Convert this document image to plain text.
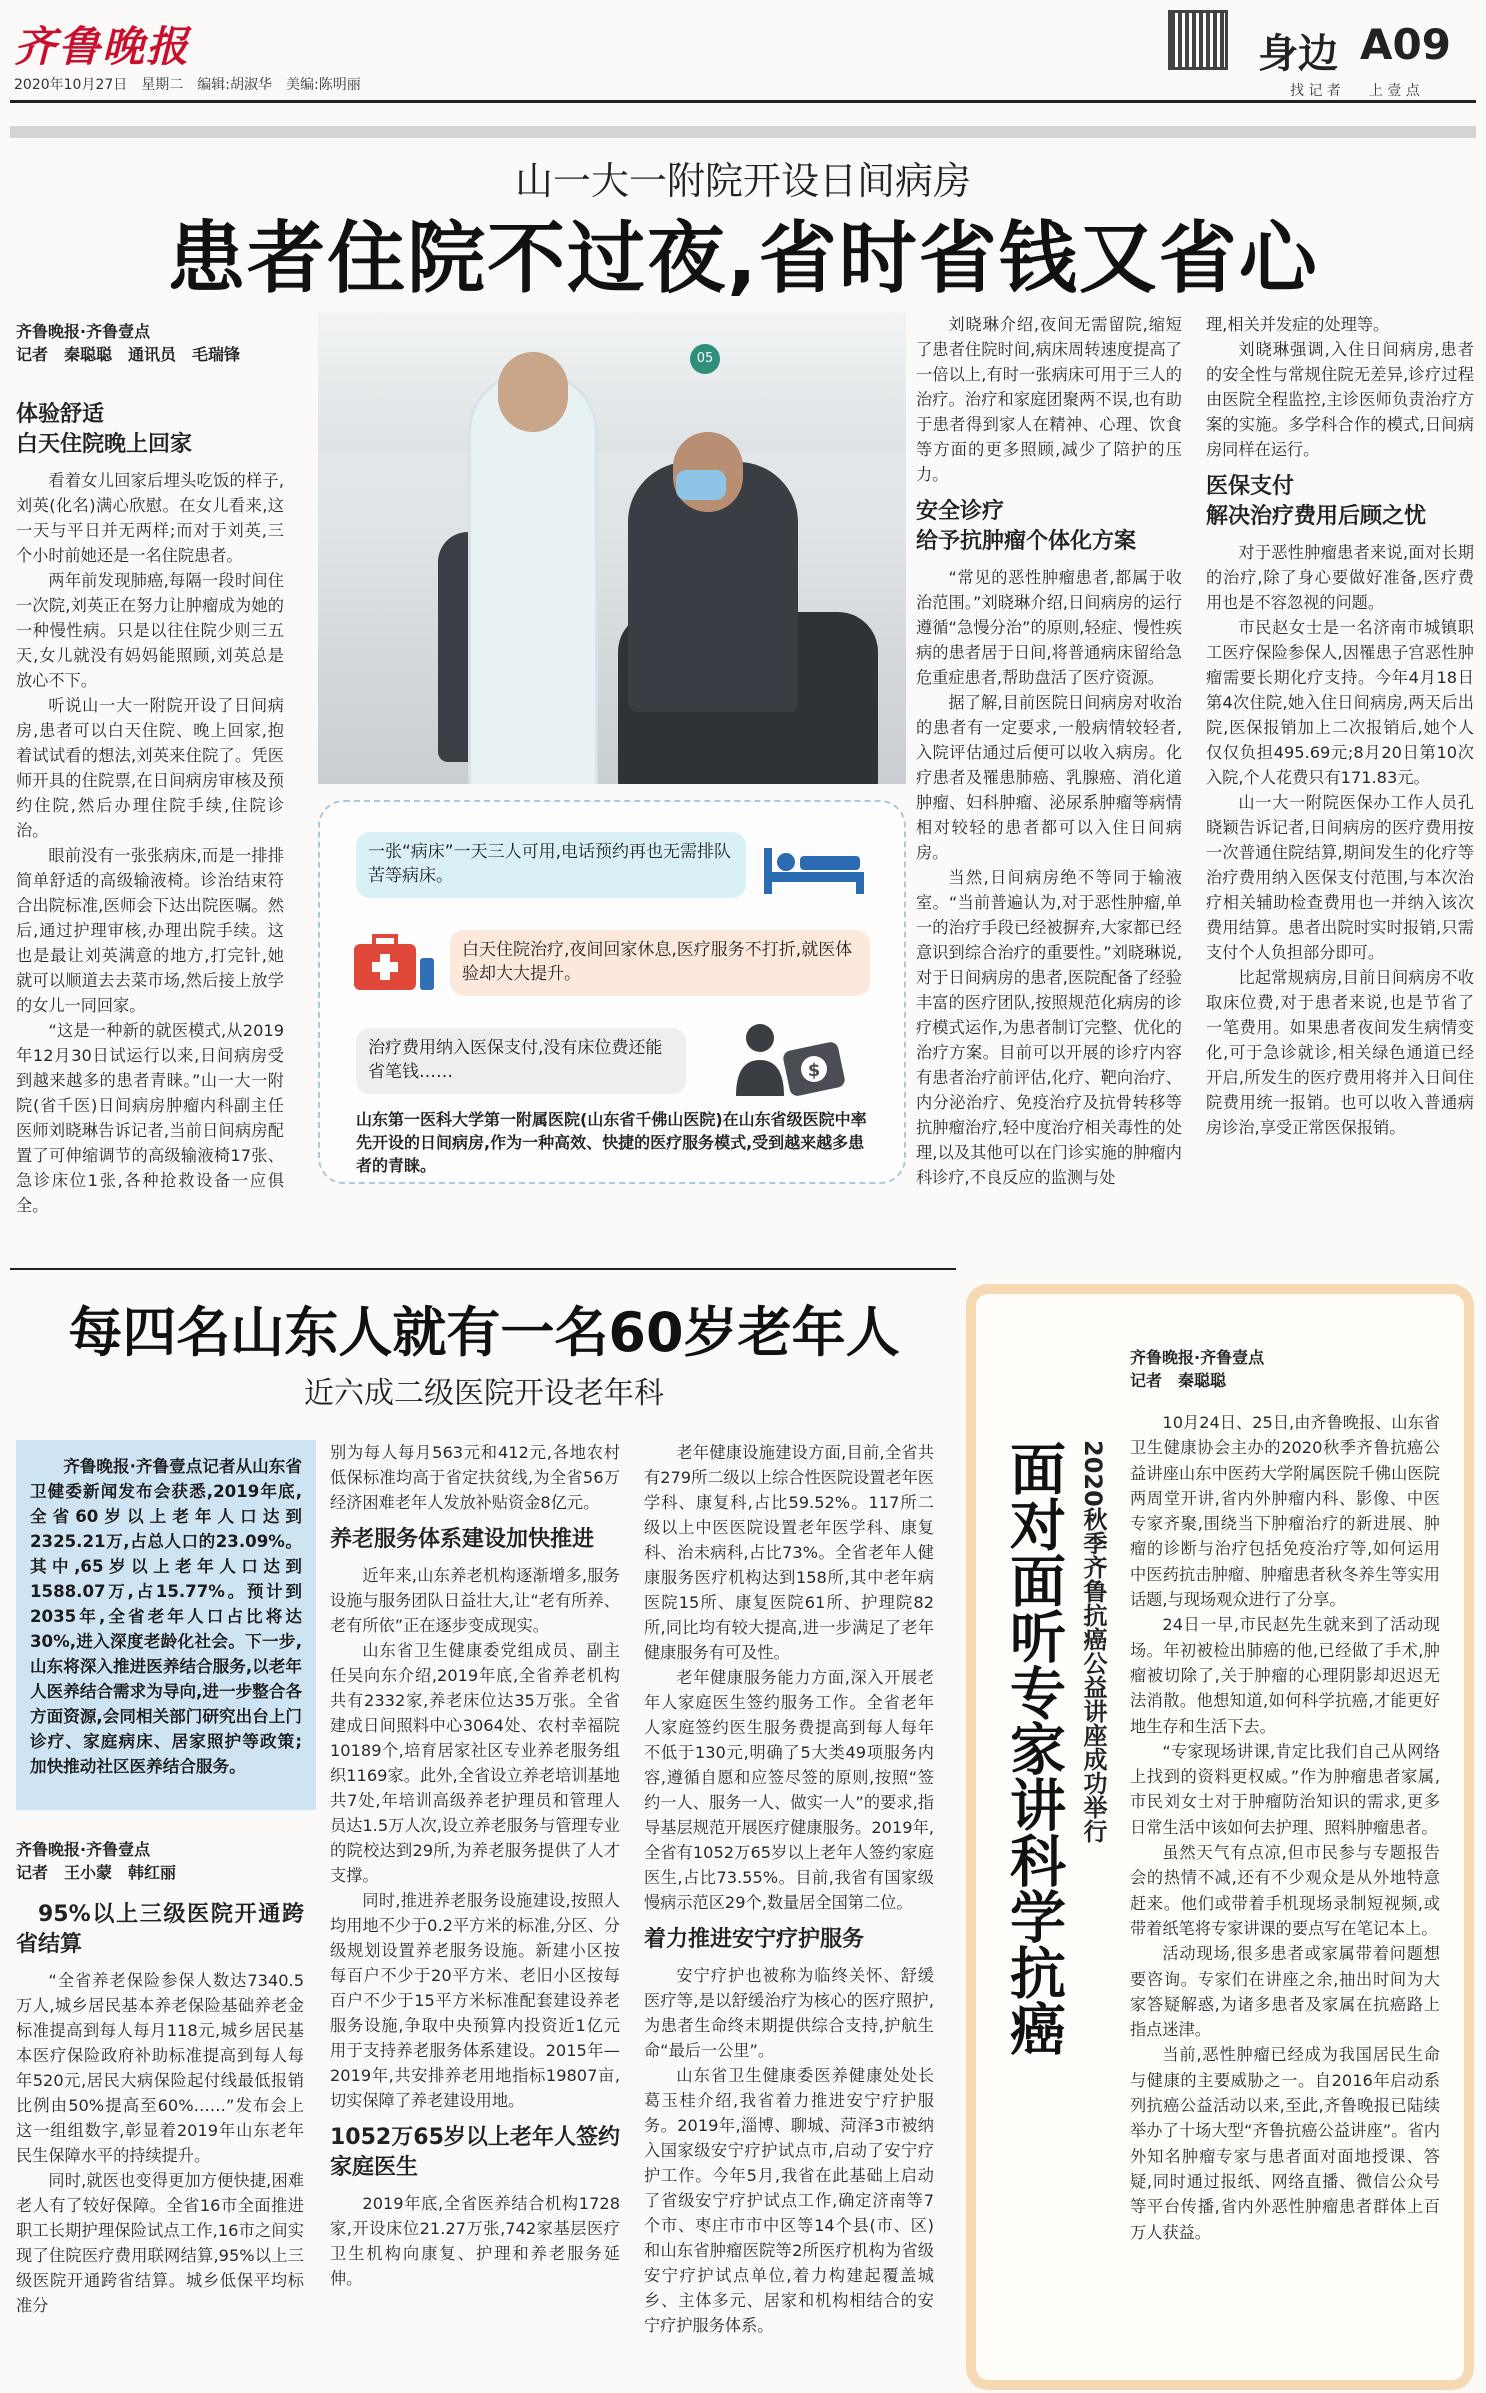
齐鲁晚报
2020年10月27日　星期二　编辑:胡淑华　美编:陈明丽
身边 A09
找 记 者　　上 壹 点
山一大一附院开设日间病房
患者住院不过夜,省时省钱又省心
齐鲁晚报·齐鲁壹点
记者　秦聪聪　通讯员　毛瑞锋
体验舒适
白天住院晚上回家

看着女儿回家后埋头吃饭的样子,刘英(化名)满心欣慰。在女儿看来,这一天与平日并无两样;而对于刘英,三个小时前她还是一名住院患者。

两年前发现肺癌,每隔一段时间住一次院,刘英正在努力让肿瘤成为她的一种慢性病。只是以往住院少则三五天,女儿就没有妈妈能照顾,刘英总是放心不下。

听说山一大一附院开设了日间病房,患者可以白天住院、晚上回家,抱着试试看的想法,刘英来住院了。凭医师开具的住院票,在日间病房审核及预约住院,然后办理住院手续,住院诊治。

眼前没有一张张病床,而是一排排简单舒适的高级输液椅。诊治结束符合出院标准,医师会下达出院医嘱。然后,通过护理审核,办理出院手续。这也是最让刘英满意的地方,打完针,她就可以顺道去去菜市场,然后接上放学的女儿一同回家。

“这是一种新的就医模式,从2019年12月30日试运行以来,日间病房受到越来越多的患者青睐。”山一大一附院(省千医)日间病房肿瘤内科副主任医师刘晓琳告诉记者,当前日间病房配置了可伸缩调节的高级输液椅17张、急诊床位1张,各种抢救设备一应俱全。

05
一张“病床”一天三人可用,电话预约再也无需排队苦等病床。
白天住院治疗,夜间回家休息,医疗服务不打折,就医体验却大大提升。
治疗费用纳入医保支付,没有床位费还能省笔钱……	$
山东第一医科大学第一附属医院(山东省千佛山医院)在山东省级医院中率先开设的日间病房,作为一种高效、快捷的医疗服务模式,受到越来越多患者的青睐。

刘晓琳介绍,夜间无需留院,缩短了患者住院时间,病床周转速度提高了一倍以上,有时一张病床可用于三人的治疗。治疗和家庭团聚两不误,也有助于患者得到家人在精神、心理、饮食等方面的更多照顾,减少了陪护的压力。

安全诊疗
给予抗肿瘤个体化方案

“常见的恶性肿瘤患者,都属于收治范围。”刘晓琳介绍,日间病房的运行遵循“急慢分治”的原则,轻症、慢性疾病的患者居于日间,将普通病床留给急危重症患者,帮助盘活了医疗资源。

据了解,目前医院日间病房对收治的患者有一定要求,一般病情较轻者,入院评估通过后便可以收入病房。化疗患者及罹患肺癌、乳腺癌、消化道肿瘤、妇科肿瘤、泌尿系肿瘤等病情相对较轻的患者都可以入住日间病房。

当然,日间病房绝不等同于输液室。“当前普遍认为,对于恶性肿瘤,单一的治疗手段已经被摒弃,大家都已经意识到综合治疗的重要性。”刘晓琳说,对于日间病房的患者,医院配备了经验丰富的医疗团队,按照规范化病房的诊疗模式运作,为患者制订完整、优化的治疗方案。目前可以开展的诊疗内容有患者治疗前评估,化疗、靶向治疗、内分泌治疗、免疫治疗及抗骨转移等抗肿瘤治疗,轻中度治疗相关毒性的处理,以及其他可以在门诊实施的肿瘤内科诊疗,不良反应的监测与处

理,相关并发症的处理等。

刘晓琳强调,入住日间病房,患者的安全性与常规住院无差异,诊疗过程由医院全程监控,主诊医师负责治疗方案的实施。多学科合作的模式,日间病房同样在运行。

医保支付
解决治疗费用后顾之忧

对于恶性肿瘤患者来说,面对长期的治疗,除了身心要做好准备,医疗费用也是不容忽视的问题。

市民赵女士是一名济南市城镇职工医疗保险参保人,因罹患子宫恶性肿瘤需要长期化疗支持。今年4月18日第4次住院,她入住日间病房,两天后出院,医保报销加上二次报销后,她个人仅仅负担495.69元;8月20日第10次入院,个人花费只有171.83元。

山一大一附院医保办工作人员孔晓颖告诉记者,日间病房的医疗费用按一次普通住院结算,期间发生的化疗等治疗费用纳入医保支付范围,与本次治疗相关辅助检查费用也一并纳入该次费用结算。患者出院时实时报销,只需支付个人负担部分即可。

比起常规病房,目前日间病房不收取床位费,对于患者来说,也是节省了一笔费用。如果患者夜间发生病情变化,可于急诊就诊,相关绿色通道已经开启,所发生的医疗费用将并入日间住院费用统一报销。也可以收入普通病房诊治,享受正常医保报销。

每四名山东人就有一名60岁老年人
近六成二级医院开设老年科
齐鲁晚报·齐鲁壹点记者从山东省卫健委新闻发布会获悉,2019年底,全省60岁以上老年人口达到2325.21万,占总人口的23.09%。其中,65岁以上老年人口达到1588.07万,占15.77%。预计到2035年,全省老年人口占比将达30%,进入深度老龄化社会。下一步,山东将深入推进医养结合服务,以老年人医养结合需求为导向,进一步整合各方面资源,会同相关部门研究出台上门诊疗、家庭病床、居家照护等政策;加快推动社区医养结合服务。
齐鲁晚报·齐鲁壹点
记者　王小蒙　韩红丽
95%以上三级医院开通跨省结算

“全省养老保险参保人数达7340.5万人,城乡居民基本养老保险基础养老金标准提高到每人每月118元,城乡居民基本医疗保险政府补助标准提高到每人每年520元,居民大病保险起付线最低报销比例由50%提高至60%……”发布会上这一组组数字,彰显着2019年山东老年民生保障水平的持续提升。

同时,就医也变得更加方便快捷,困难老人有了较好保障。全省16市全面推进职工长期护理保险试点工作,16市之间实现了住院医疗费用联网结算,95%以上三级医院开通跨省结算。城乡低保平均标准分

别为每人每月563元和412元,各地农村低保标准均高于省定扶贫线,为全省56万经济困难老年人发放补贴资金8亿元。

养老服务体系建设加快推进

近年来,山东养老机构逐渐增多,服务设施与服务团队日益壮大,让“老有所养、老有所依”正在逐步变成现实。

山东省卫生健康委党组成员、副主任吴向东介绍,2019年底,全省养老机构共有2332家,养老床位达35万张。全省建成日间照料中心3064处、农村幸福院10189个,培育居家社区专业养老服务组织1169家。此外,全省设立养老培训基地共7处,年培训高级养老护理员和管理人员达1.5万人次,设立养老服务与管理专业的院校达到29所,为养老服务提供了人才支撑。

同时,推进养老服务设施建设,按照人均用地不少于0.2平方米的标准,分区、分级规划设置养老服务设施。新建小区按每百户不少于20平方米、老旧小区按每百户不少于15平方米标准配套建设养老服务设施,争取中央预算内投资近1亿元用于支持养老服务体系建设。2015年—2019年,共安排养老用地指标19807亩,切实保障了养老建设用地。

1052万65岁以上老年人签约家庭医生

2019年底,全省医养结合机构1728家,开设床位21.27万张,742家基层医疗卫生机构向康复、护理和养老服务延伸。

老年健康设施建设方面,目前,全省共有279所二级以上综合性医院设置老年医学科、康复科,占比59.52%。117所二级以上中医医院设置老年医学科、康复科、治未病科,占比73%。全省老年人健康服务医疗机构达到158所,其中老年病医院15所、康复医院61所、护理院82所,同比均有较大提高,进一步满足了老年健康服务有可及性。

老年健康服务能力方面,深入开展老年人家庭医生签约服务工作。全省老年人家庭签约医生服务费提高到每人每年不低于130元,明确了5大类49项服务内容,遵循自愿和应签尽签的原则,按照“签约一人、服务一人、做实一人”的要求,指导基层规范开展医疗健康服务。2019年,全省有1052万65岁以上老年人签约家庭医生,占比73.55%。目前,我省有国家级慢病示范区29个,数量居全国第二位。

着力推进安宁疗护服务

安宁疗护也被称为临终关怀、舒缓医疗等,是以舒缓治疗为核心的医疗照护,为患者生命终末期提供综合支持,护航生命“最后一公里”。

山东省卫生健康委医养健康处处长葛玉桂介绍,我省着力推进安宁疗护服务。2019年,淄博、聊城、菏泽3市被纳入国家级安宁疗护试点市,启动了安宁疗护工作。今年5月,我省在此基础上启动了省级安宁疗护试点工作,确定济南等7个市、枣庄市市中区等14个县(市、区)和山东省肿瘤医院等2所医疗机构为省级安宁疗护试点单位,着力构建起覆盖城乡、主体多元、居家和机构相结合的安宁疗护服务体系。

面对面听专家讲科学抗癌 2020秋季齐鲁抗癌公益讲座成功举行
齐鲁晚报·齐鲁壹点
记者　秦聪聪

10月24日、25日,由齐鲁晚报、山东省卫生健康协会主办的2020秋季齐鲁抗癌公益讲座山东中医药大学附属医院千佛山医院两周堂开讲,省内外肿瘤内科、影像、中医专家齐聚,围绕当下肿瘤治疗的新进展、肿瘤的诊断与治疗包括免疫治疗等,如何运用中医药抗击肿瘤、肿瘤患者秋冬养生等实用话题,与现场观众进行了分享。

24日一早,市民赵先生就来到了活动现场。年初被检出肺癌的他,已经做了手术,肿瘤被切除了,关于肿瘤的心理阴影却迟迟无法消散。他想知道,如何科学抗癌,才能更好地生存和生活下去。

“专家现场讲课,肯定比我们自己从网络上找到的资料更权威。”作为肿瘤患者家属,市民刘女士对于肿瘤防治知识的需求,更多日常生活中该如何去护理、照料肿瘤患者。

虽然天气有点凉,但市民参与专题报告会的热情不减,还有不少观众是从外地特意赶来。他们或带着手机现场录制短视频,或带着纸笔将专家讲课的要点写在笔记本上。

活动现场,很多患者或家属带着问题想要咨询。专家们在讲座之余,抽出时间为大家答疑解惑,为诸多患者及家属在抗癌路上指点迷津。

当前,恶性肿瘤已经成为我国居民生命与健康的主要威胁之一。自2016年启动系列抗癌公益活动以来,至此,齐鲁晚报已陆续举办了十场大型“齐鲁抗癌公益讲座”。省内外知名肿瘤专家与患者面对面地授课、答疑,同时通过报纸、网络直播、微信公众号等平台传播,省内外恶性肿瘤患者群体上百万人获益。
